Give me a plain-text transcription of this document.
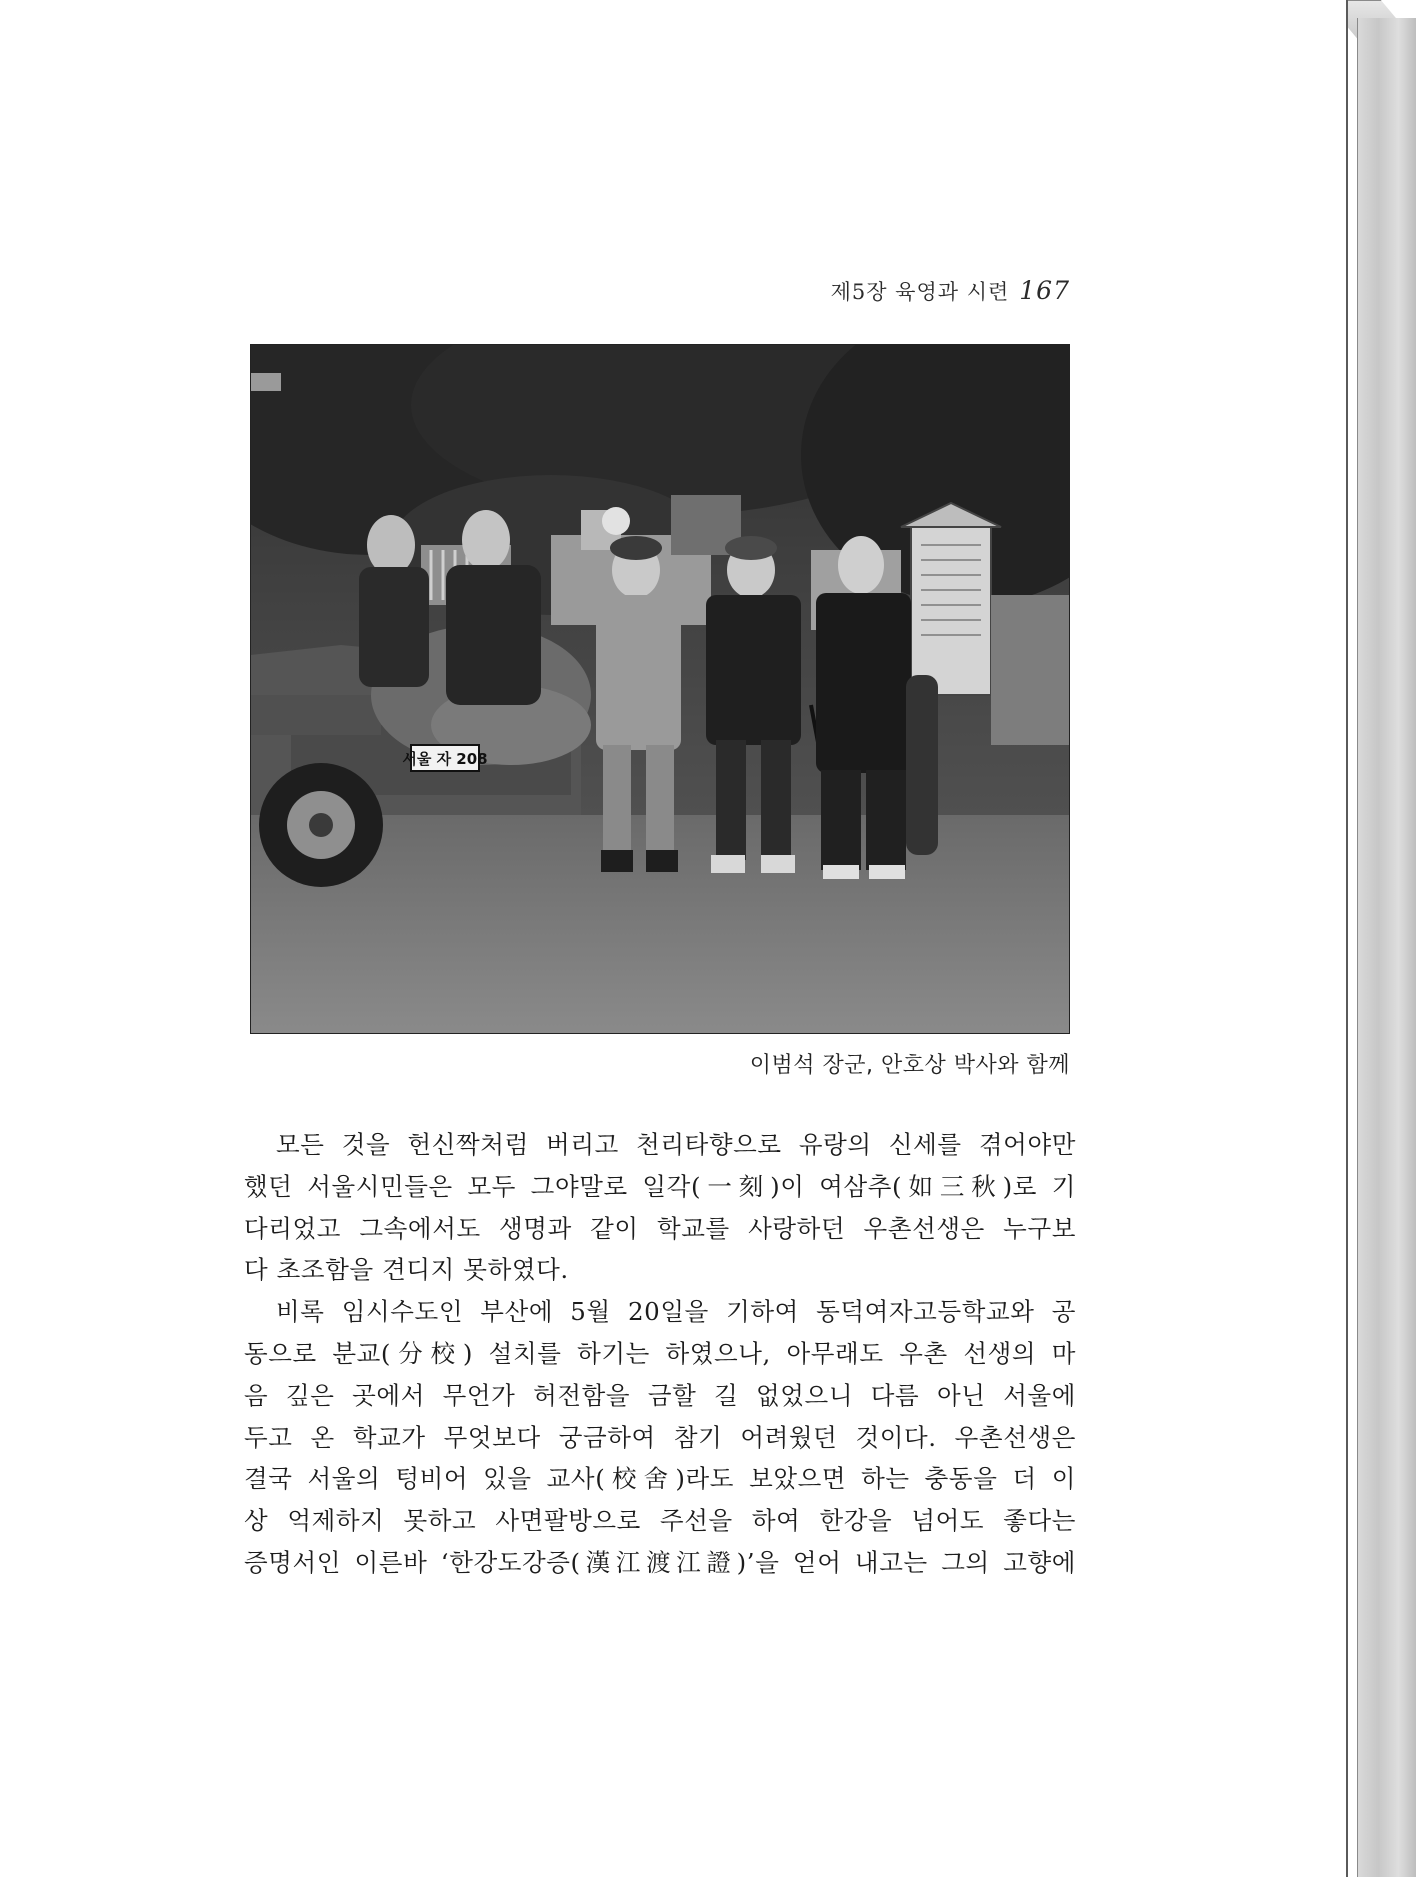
제5장 육영과 시련 167
서울 자 208
이범석 장군, 안호상 박사와 함께
모든 것을 헌신짝처럼 버리고 천리타향으로 유랑의 신세를 겪어야만
했던 서울시민들은 모두 그야말로 일각(一刻)이 여삼추(如三秋)로 기
다리었고 그속에서도 생명과 같이 학교를 사랑하던 우촌선생은 누구보
다 초조함을 견디지 못하였다.
비록 임시수도인 부산에 5월 20일을 기하여 동덕여자고등학교와 공
동으로 분교(分校) 설치를 하기는 하였으나, 아무래도 우촌 선생의 마
음 깊은 곳에서 무언가 허전함을 금할 길 없었으니 다름 아닌 서울에
두고 온 학교가 무엇보다 궁금하여 참기 어려웠던 것이다. 우촌선생은
결국 서울의 텅비어 있을 교사(校舍)라도 보았으면 하는 충동을 더 이
상 억제하지 못하고 사면팔방으로 주선을 하여 한강을 넘어도 좋다는
증명서인 이른바 ‘한강도강증(漢江渡江證)’을 얻어 내고는 그의 고향에
